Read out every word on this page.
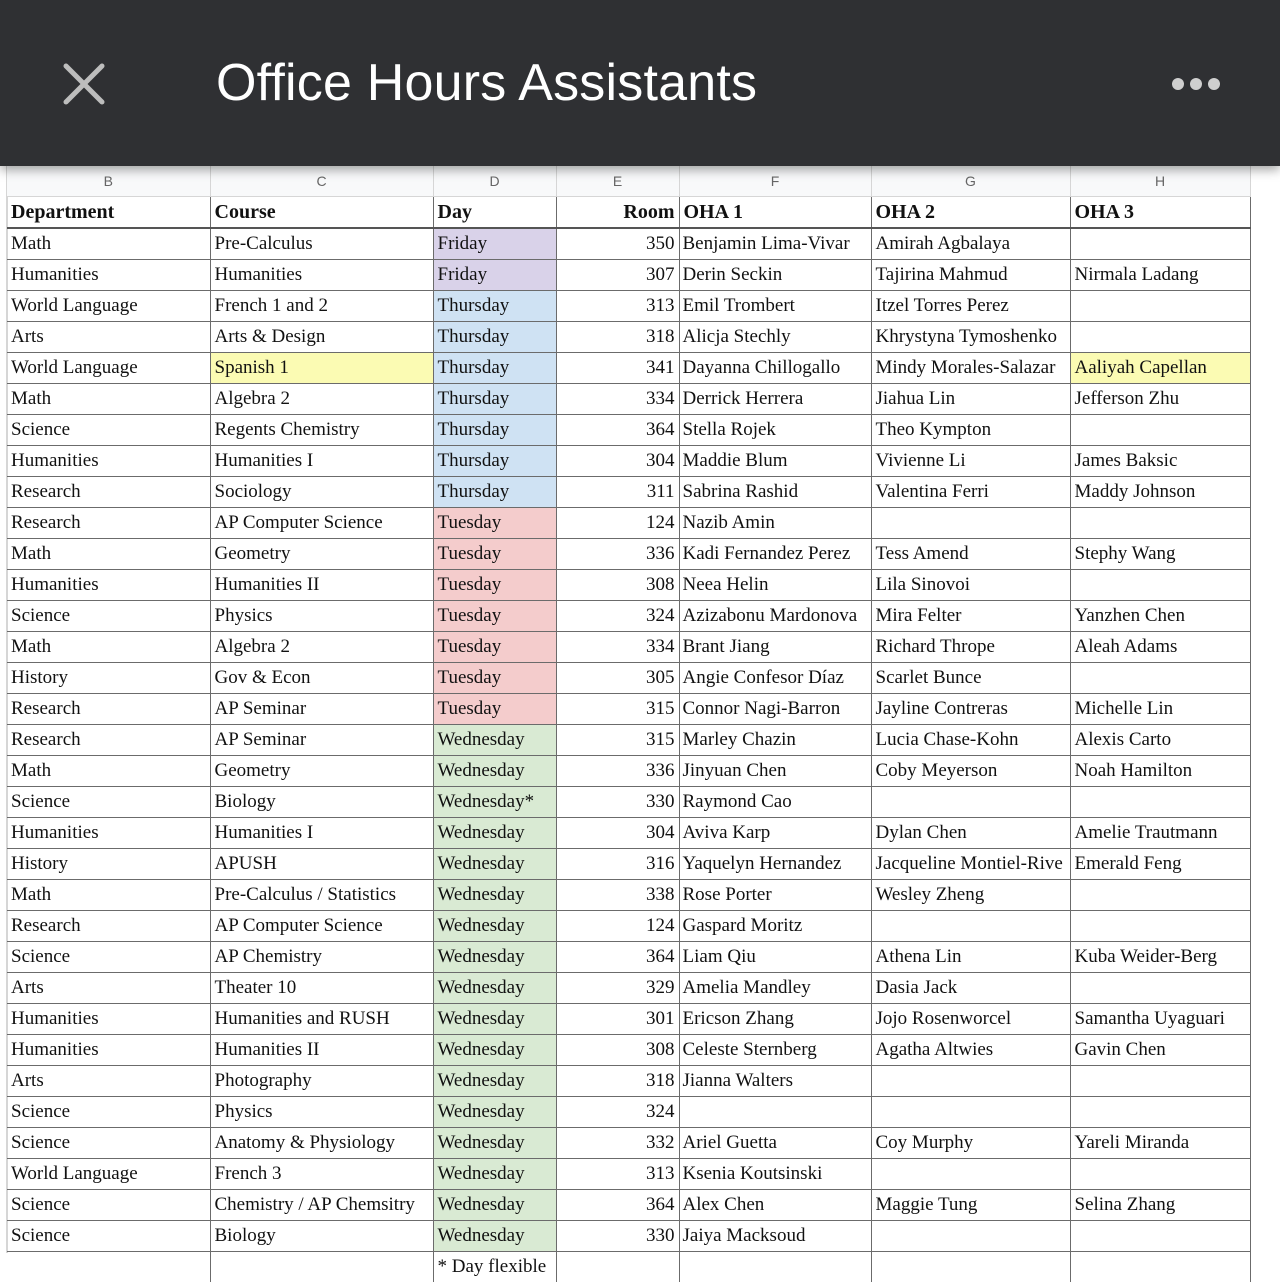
Office Hours Assistants
B	C	D	E	F	G	H
Department	Course	Day	Room	OHA 1	OHA 2	OHA 3
Math	Pre-Calculus	Friday	350	Benjamin Lima-Vivar	Amirah Agbalaya	
Humanities	Humanities	Friday	307	Derin Seckin	Tajirina Mahmud	Nirmala Ladang
World Language	French 1 and 2	Thursday	313	Emil Trombert	Itzel Torres Perez	
Arts	Arts & Design	Thursday	318	Alicja Stechly	Khrystyna Tymoshenko	
World Language	Spanish 1	Thursday	341	Dayanna Chillogallo	Mindy Morales-Salazar	Aaliyah Capellan
Math	Algebra 2	Thursday	334	Derrick Herrera	Jiahua Lin	Jefferson Zhu
Science	Regents Chemistry	Thursday	364	Stella Rojek	Theo Kympton	
Humanities	Humanities I	Thursday	304	Maddie Blum	Vivienne Li	James Baksic
Research	Sociology	Thursday	311	Sabrina Rashid	Valentina Ferri	Maddy Johnson
Research	AP Computer Science	Tuesday	124	Nazib Amin		
Math	Geometry	Tuesday	336	Kadi Fernandez Perez	Tess Amend	Stephy Wang
Humanities	Humanities II	Tuesday	308	Neea Helin	Lila Sinovoi	
Science	Physics	Tuesday	324	Azizabonu Mardonova	Mira Felter	Yanzhen Chen
Math	Algebra 2	Tuesday	334	Brant Jiang	Richard Thrope	Aleah Adams
History	Gov & Econ	Tuesday	305	Angie Confesor Díaz	Scarlet Bunce	
Research	AP Seminar	Tuesday	315	Connor Nagi-Barron	Jayline Contreras	Michelle Lin
Research	AP Seminar	Wednesday	315	Marley Chazin	Lucia Chase-Kohn	Alexis Carto
Math	Geometry	Wednesday	336	Jinyuan Chen	Coby Meyerson	Noah Hamilton
Science	Biology	Wednesday*	330	Raymond Cao		
Humanities	Humanities I	Wednesday	304	Aviva Karp	Dylan Chen	Amelie Trautmann
History	APUSH	Wednesday	316	Yaquelyn Hernandez	Jacqueline Montiel-Rive	Emerald Feng
Math	Pre-Calculus / Statistics	Wednesday	338	Rose Porter	Wesley Zheng	
Research	AP Computer Science	Wednesday	124	Gaspard Moritz		
Science	AP Chemistry	Wednesday	364	Liam Qiu	Athena Lin	Kuba Weider-Berg
Arts	Theater 10	Wednesday	329	Amelia Mandley	Dasia Jack	
Humanities	Humanities and RUSH	Wednesday	301	Ericson Zhang	Jojo Rosenworcel	Samantha Uyaguari
Humanities	Humanities II	Wednesday	308	Celeste Sternberg	Agatha Altwies	Gavin Chen
Arts	Photography	Wednesday	318	Jianna Walters		
Science	Physics	Wednesday	324			
Science	Anatomy & Physiology	Wednesday	332	Ariel Guetta	Coy Murphy	Yareli Miranda
World Language	French 3	Wednesday	313	Ksenia Koutsinski		
Science	Chemistry / AP Chemsitry	Wednesday	364	Alex Chen	Maggie Tung	Selina Zhang
Science	Biology	Wednesday	330	Jaiya Macksoud		
		* Day flexible				
